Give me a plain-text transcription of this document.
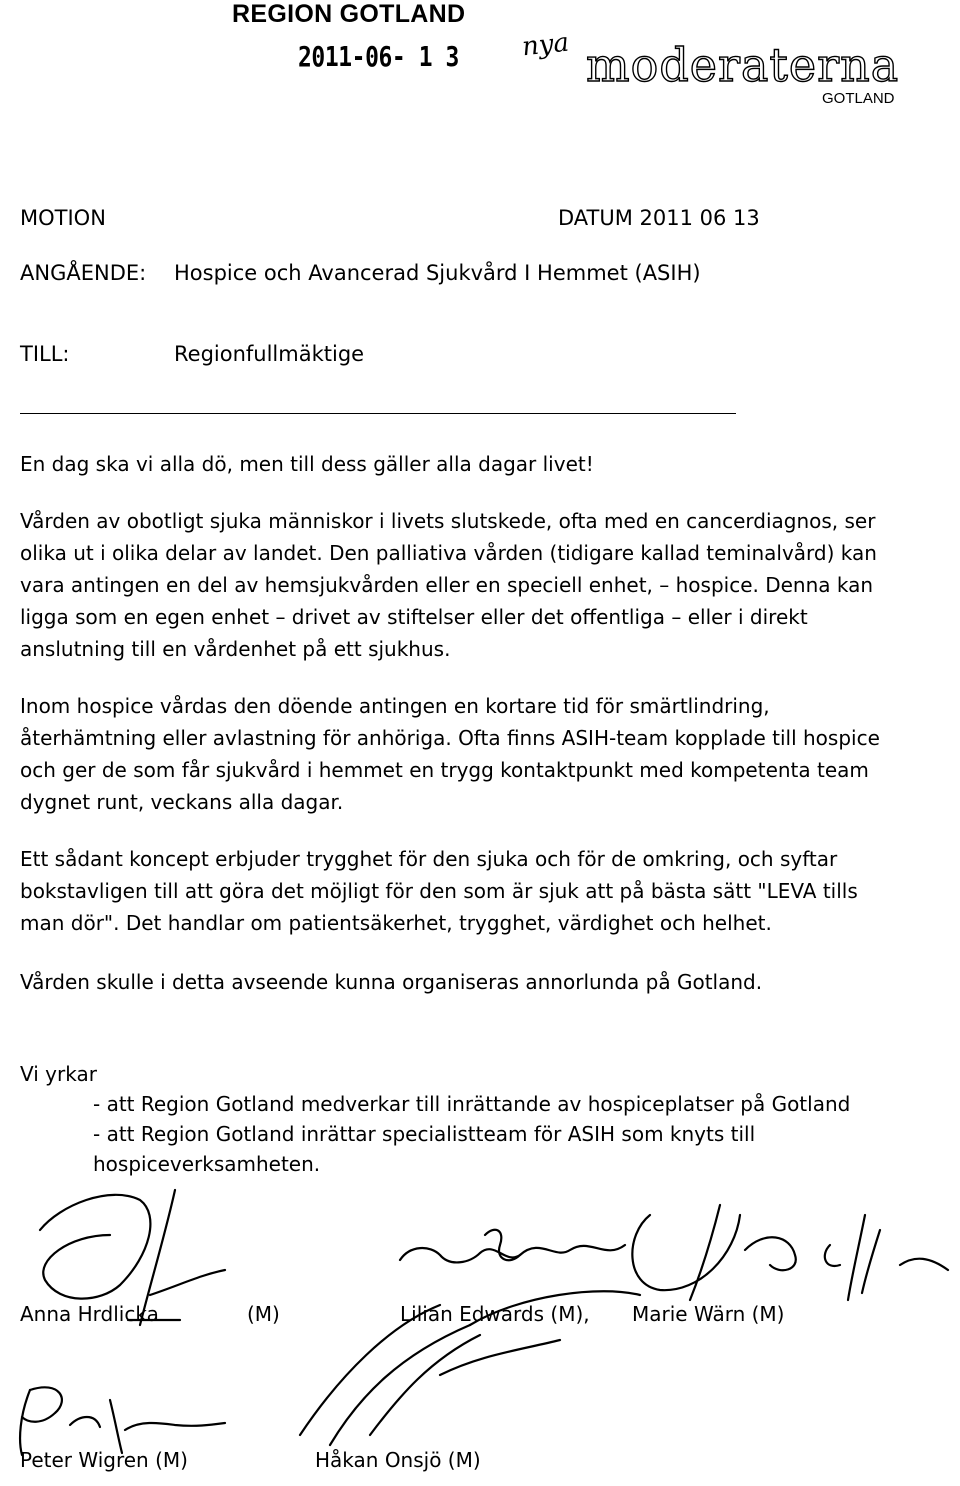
REGION GOTLAND
2011-06- 1 3 nya moderaterna
GOTLAND
MOTION	DATUM 2011 06 13
ANGÅENDE: Hospice och Avancerad Sjukvård I Hemmet (ASIH)
TILL:	Regionfullmäktige

En dag ska vi alla dö, men till dess gäller alla dagar livet!

Vården av obotligt sjuka människor i livets slutskede, ofta med en cancerdiagnos, ser

olika ut i olika delar av landet. Den palliativa vården (tidigare kallad teminalvård) kan

vara antingen en del av hemsjukvården eller en speciell enhet, – hospice. Denna kan

ligga som en egen enhet – drivet av stiftelser eller det offentliga – eller i direkt

anslutning till en vårdenhet på ett sjukhus.

Inom hospice vårdas den döende antingen en kortare tid för smärtlindring,

återhämtning eller avlastning för anhöriga. Ofta finns ASIH-team kopplade till hospice

och ger de som får sjukvård i hemmet en trygg kontaktpunkt med kompetenta team

dygnet runt, veckans alla dagar.

Ett sådant koncept erbjuder trygghet för den sjuka och för de omkring, och syftar

bokstavligen till att göra det möjligt för den som är sjuk att på bästa sätt "LEVA tills

man dör". Det handlar om patientsäkerhet, trygghet, värdighet och helhet.

Vården skulle i detta avseende kunna organiseras annorlunda på Gotland.

Vi yrkar
- att Region Gotland medverkar till inrättande av hospiceplatser på Gotland
- att Region Gotland inrättar specialistteam för ASIH som knyts till
hospiceverksamheten.
Anna Hrdlicka	(M)	Lilian Edwards (M), Marie Wärn (M)
Peter Wigren (M)	Håkan Onsjö (M)
